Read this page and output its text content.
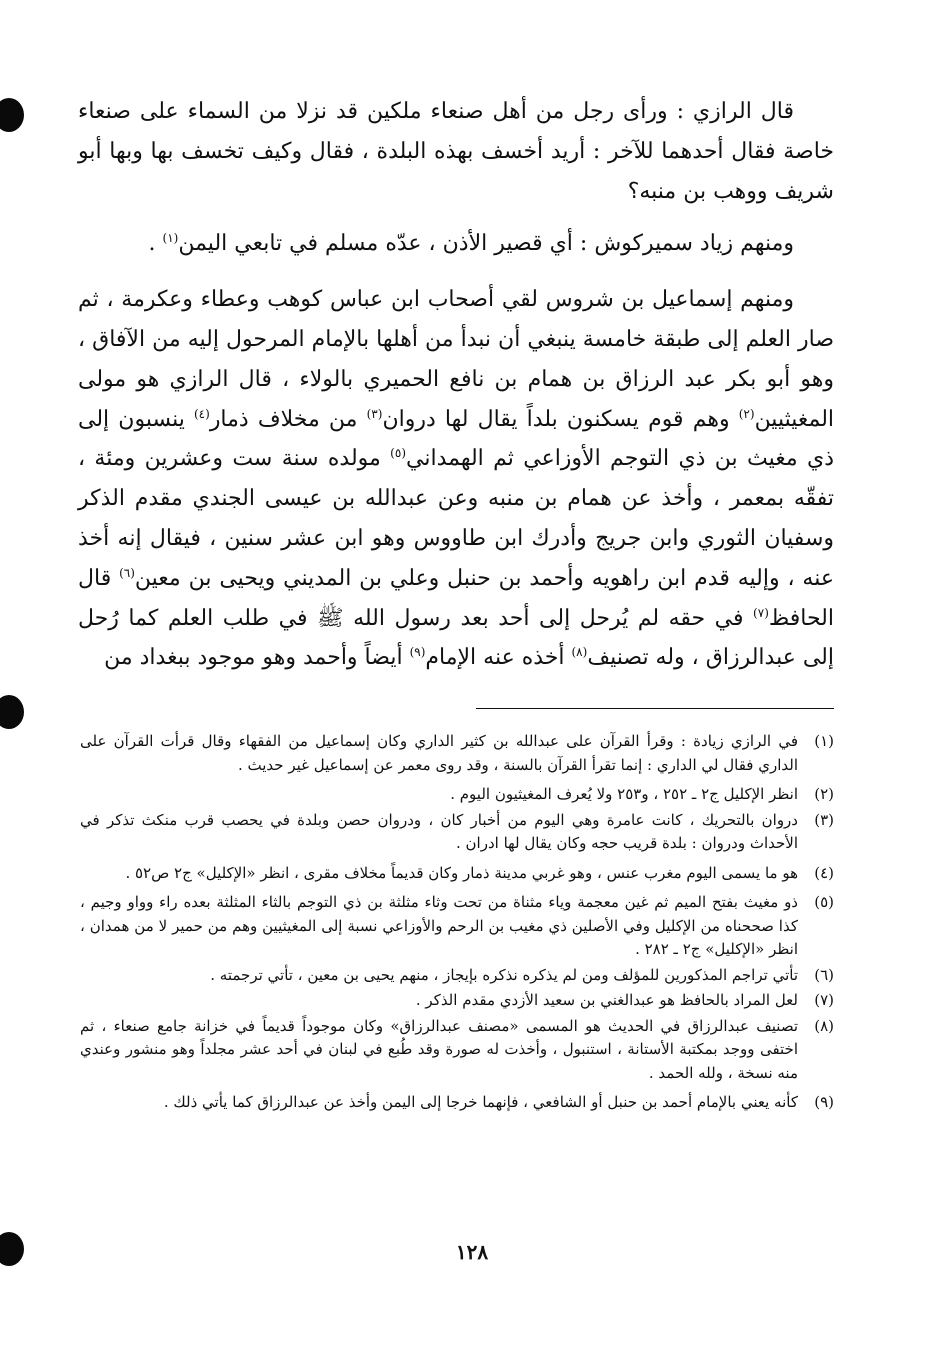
قال الرازي : ورأى رجل من أهل صنعاء ملكين قد نزلا من السماء على صنعاء خاصة فقال أحدهما للآخر : أريد أخسف بهذه البلدة ، فقال وكيف تخسف بها وبها أبو شريف ووهب بن منبه؟

ومنهم زياد سميركوش : أي قصير الأذن ، عدّه مسلم في تابعي اليمن$^{(١)}$ .

ومنهم إسماعيل بن شروس لقي أصحاب ابن عباس كوهب وعطاء وعكرمة ، ثم صار العلم إلى طبقة خامسة ينبغي أن نبدأ من أهلها بالإمام المرحول إليه من الآفاق ، وهو أبو بكر عبد الرزاق بن همام بن نافع الحميري بالولاء ، قال الرازي هو مولى المغيثيين$^{(٢)}$ وهم قوم يسكنون بلداً يقال لها دروان$^{(٣)}$ من مخلاف ذمار$^{(٤)}$ ينسبون إلى ذي مغيث بن ذي التوجم الأوزاعي ثم الهمداني$^{(٥)}$ مولده سنة ست وعشرين ومئة ، تفقّه بمعمر ، وأخذ عن همام بن منبه وعن عبدالله بن عيسى الجندي مقدم الذكر وسفيان الثوري وابن جريج وأدرك ابن طاووس وهو ابن عشر سنين ، فيقال إنه أخذ عنه ، وإليه قدم ابن راهويه وأحمد بن حنبل وعلي بن المديني ويحيى بن معين$^{(٦)}$ قال الحافظ$^{(٧)}$ في حقه لم يُرحل إلى أحد بعد رسول الله ﷺ في طلب العلم كما رُحل إلى عبدالرزاق ، وله تصنيف$^{(٨)}$ أخذه عنه الإمام$^{(٩)}$ أيضاً وأحمد وهو موجود ببغداد من

(١)
في الرازي زيادة : وقرأ القرآن على عبدالله بن كثير الداري وكان إسماعيل من الفقهاء وقال قرأت القرآن على الداري فقال لي الداري : إنما تقرأ القرآن بالسنة ، وقد روى معمر عن إسماعيل غير حديث .
(٢)
انظر الإكليل ج٢ ـ ٢٥٢ ، و٢٥٣ ولا يُعرف المغيثيون اليوم .
(٣)
دروان بالتحريك ، كانت عامرة وهي اليوم من أخبار كان ، ودروان حصن وبلدة في يحصب قرب منكث تذكر في الأحداث ودروان : بلدة قريب حجه وكان يقال لها ادران .
(٤)
هو ما يسمى اليوم مغرب عنس ، وهو غربي مدينة ذمار وكان قديماً مخلاف مقرى ، انظر «الإكليل» ج٢ ص٥٢ .
(٥)
ذو مغيث بفتح الميم ثم غين معجمة وياء مثناة من تحت وثاء مثلثة بن ذي التوجم بالثاء المثلثة بعده راء وواو وجيم ، كذا صححناه من الإكليل وفي الأصلين ذي مغيب بن الرحم والأوزاعي نسبة إلى المغيثيين وهم من حمير لا من همدان ، انظر «الإكليل» ج٢ ـ ٢٨٢ .
(٦)
تأتي تراجم المذكورين للمؤلف ومن لم يذكره نذكره بإيجاز ، منهم يحيى بن معين ، تأتي ترجمته .
(٧)
لعل المراد بالحافظ هو عبدالغني بن سعيد الأزدي مقدم الذكر .
(٨)
تصنيف عبدالرزاق في الحديث هو المسمى «مصنف عبدالرزاق» وكان موجوداً قديماً في خزانة جامع صنعاء ، ثم اختفى ووجد بمكتبة الأستانة ، استنبول ، وأخذت له صورة وقد طُبع في لبنان في أحد عشر مجلداً وهو منشور وعندي منه نسخة ، ولله الحمد .
(٩)
كأنه يعني بالإمام أحمد بن حنبل أو الشافعي ، فإنهما خرجا إلى اليمن وأخذ عن عبدالرزاق كما يأتي ذلك .
١٢٨
